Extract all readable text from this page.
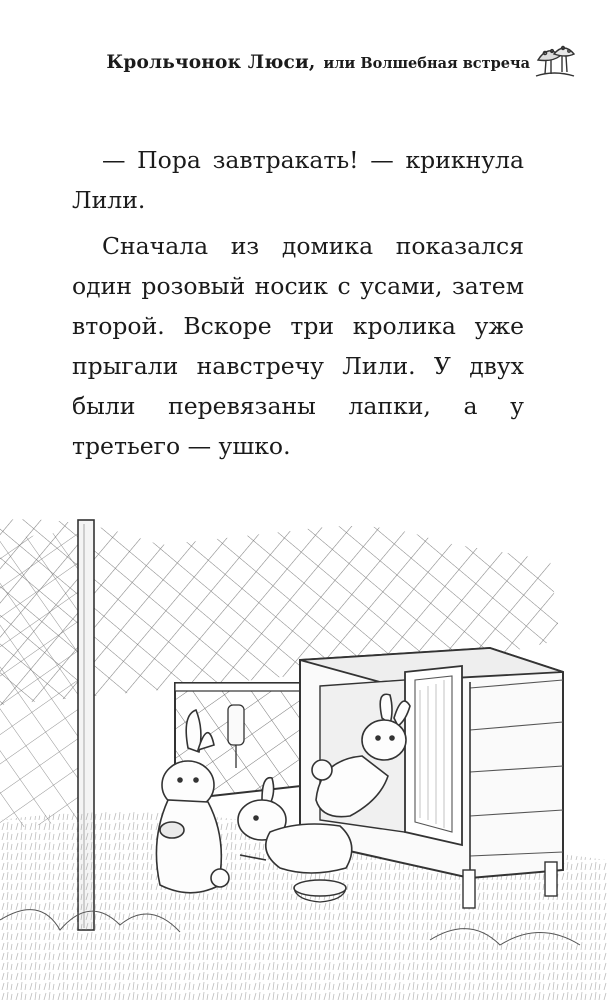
Крольчонок Люси, или Волшебная встреча

— Пора завтракать! — крикнула Лили.

Сначала из домика показался один розовый носик с усами, затем второй. Вскоре три кролика уже прыгали навстречу Лили. У двух были перевязаны лапки, а у третьего — ушко.
